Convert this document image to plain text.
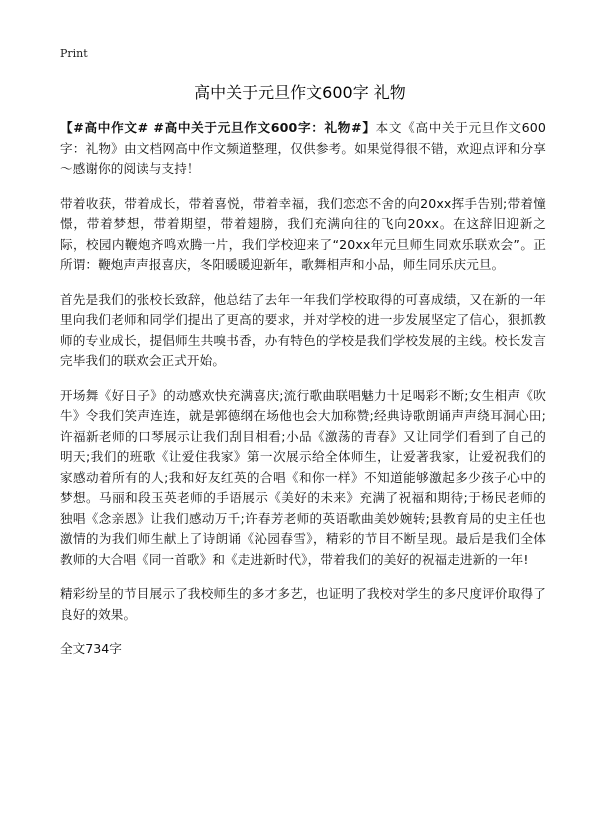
Print
高中关于元旦作文600字 礼物

【#高中作文# #高中关于元旦作文600字：礼物#】本文《高中关于元旦作文600字：礼物》由文档网高中作文频道整理，仅供参考。如果觉得很不错，欢迎点评和分享～感谢你的阅读与支持！

带着收获，带着成长，带着喜悦，带着幸福，我们恋恋不舍的向20xx挥手告别;带着憧憬，带着梦想，带着期望，带着翅膀，我们充满向往的飞向20xx。在这辞旧迎新之际，校园内鞭炮齐鸣欢腾一片，我们学校迎来了“20xx年元旦师生同欢乐联欢会”。正所谓：鞭炮声声报喜庆，冬阳暖暖迎新年，歌舞相声和小品，师生同乐庆元旦。

首先是我们的张校长致辞，他总结了去年一年我们学校取得的可喜成绩，又在新的一年里向我们老师和同学们提出了更高的要求，并对学校的进一步发展坚定了信心，狠抓教师的专业成长，提倡师生共嗅书香，办有特色的学校是我们学校发展的主线。校长发言完毕我们的联欢会正式开始。

开场舞《好日子》的动感欢快充满喜庆;流行歌曲联唱魅力十足喝彩不断;女生相声《吹牛》令我们笑声连连，就是郭德纲在场他也会大加称赞;经典诗歌朗诵声声绕耳洞心田;许福新老师的口琴展示让我们刮目相看;小品《激荡的青春》又让同学们看到了自己的明天;我们的班歌《让爱住我家》第一次展示给全体师生，让爱著我家，让爱祝我们的家感动着所有的人;我和好友红英的合唱《和你一样》不知道能够激起多少孩子心中的梦想。马丽和段玉英老师的手语展示《美好的未来》充满了祝福和期待;于杨民老师的独唱《念亲恩》让我们感动万千;许春芳老师的英语歌曲美妙婉转;县教育局的史主任也激情的为我们师生献上了诗朗诵《沁园春雪》，精彩的节目不断呈现。最后是我们全体教师的大合唱《同一首歌》和《走进新时代》，带着我们的美好的祝福走进新的一年!

精彩纷呈的节目展示了我校师生的多才多艺，也证明了我校对学生的多尺度评价取得了良好的效果。

全文734字
